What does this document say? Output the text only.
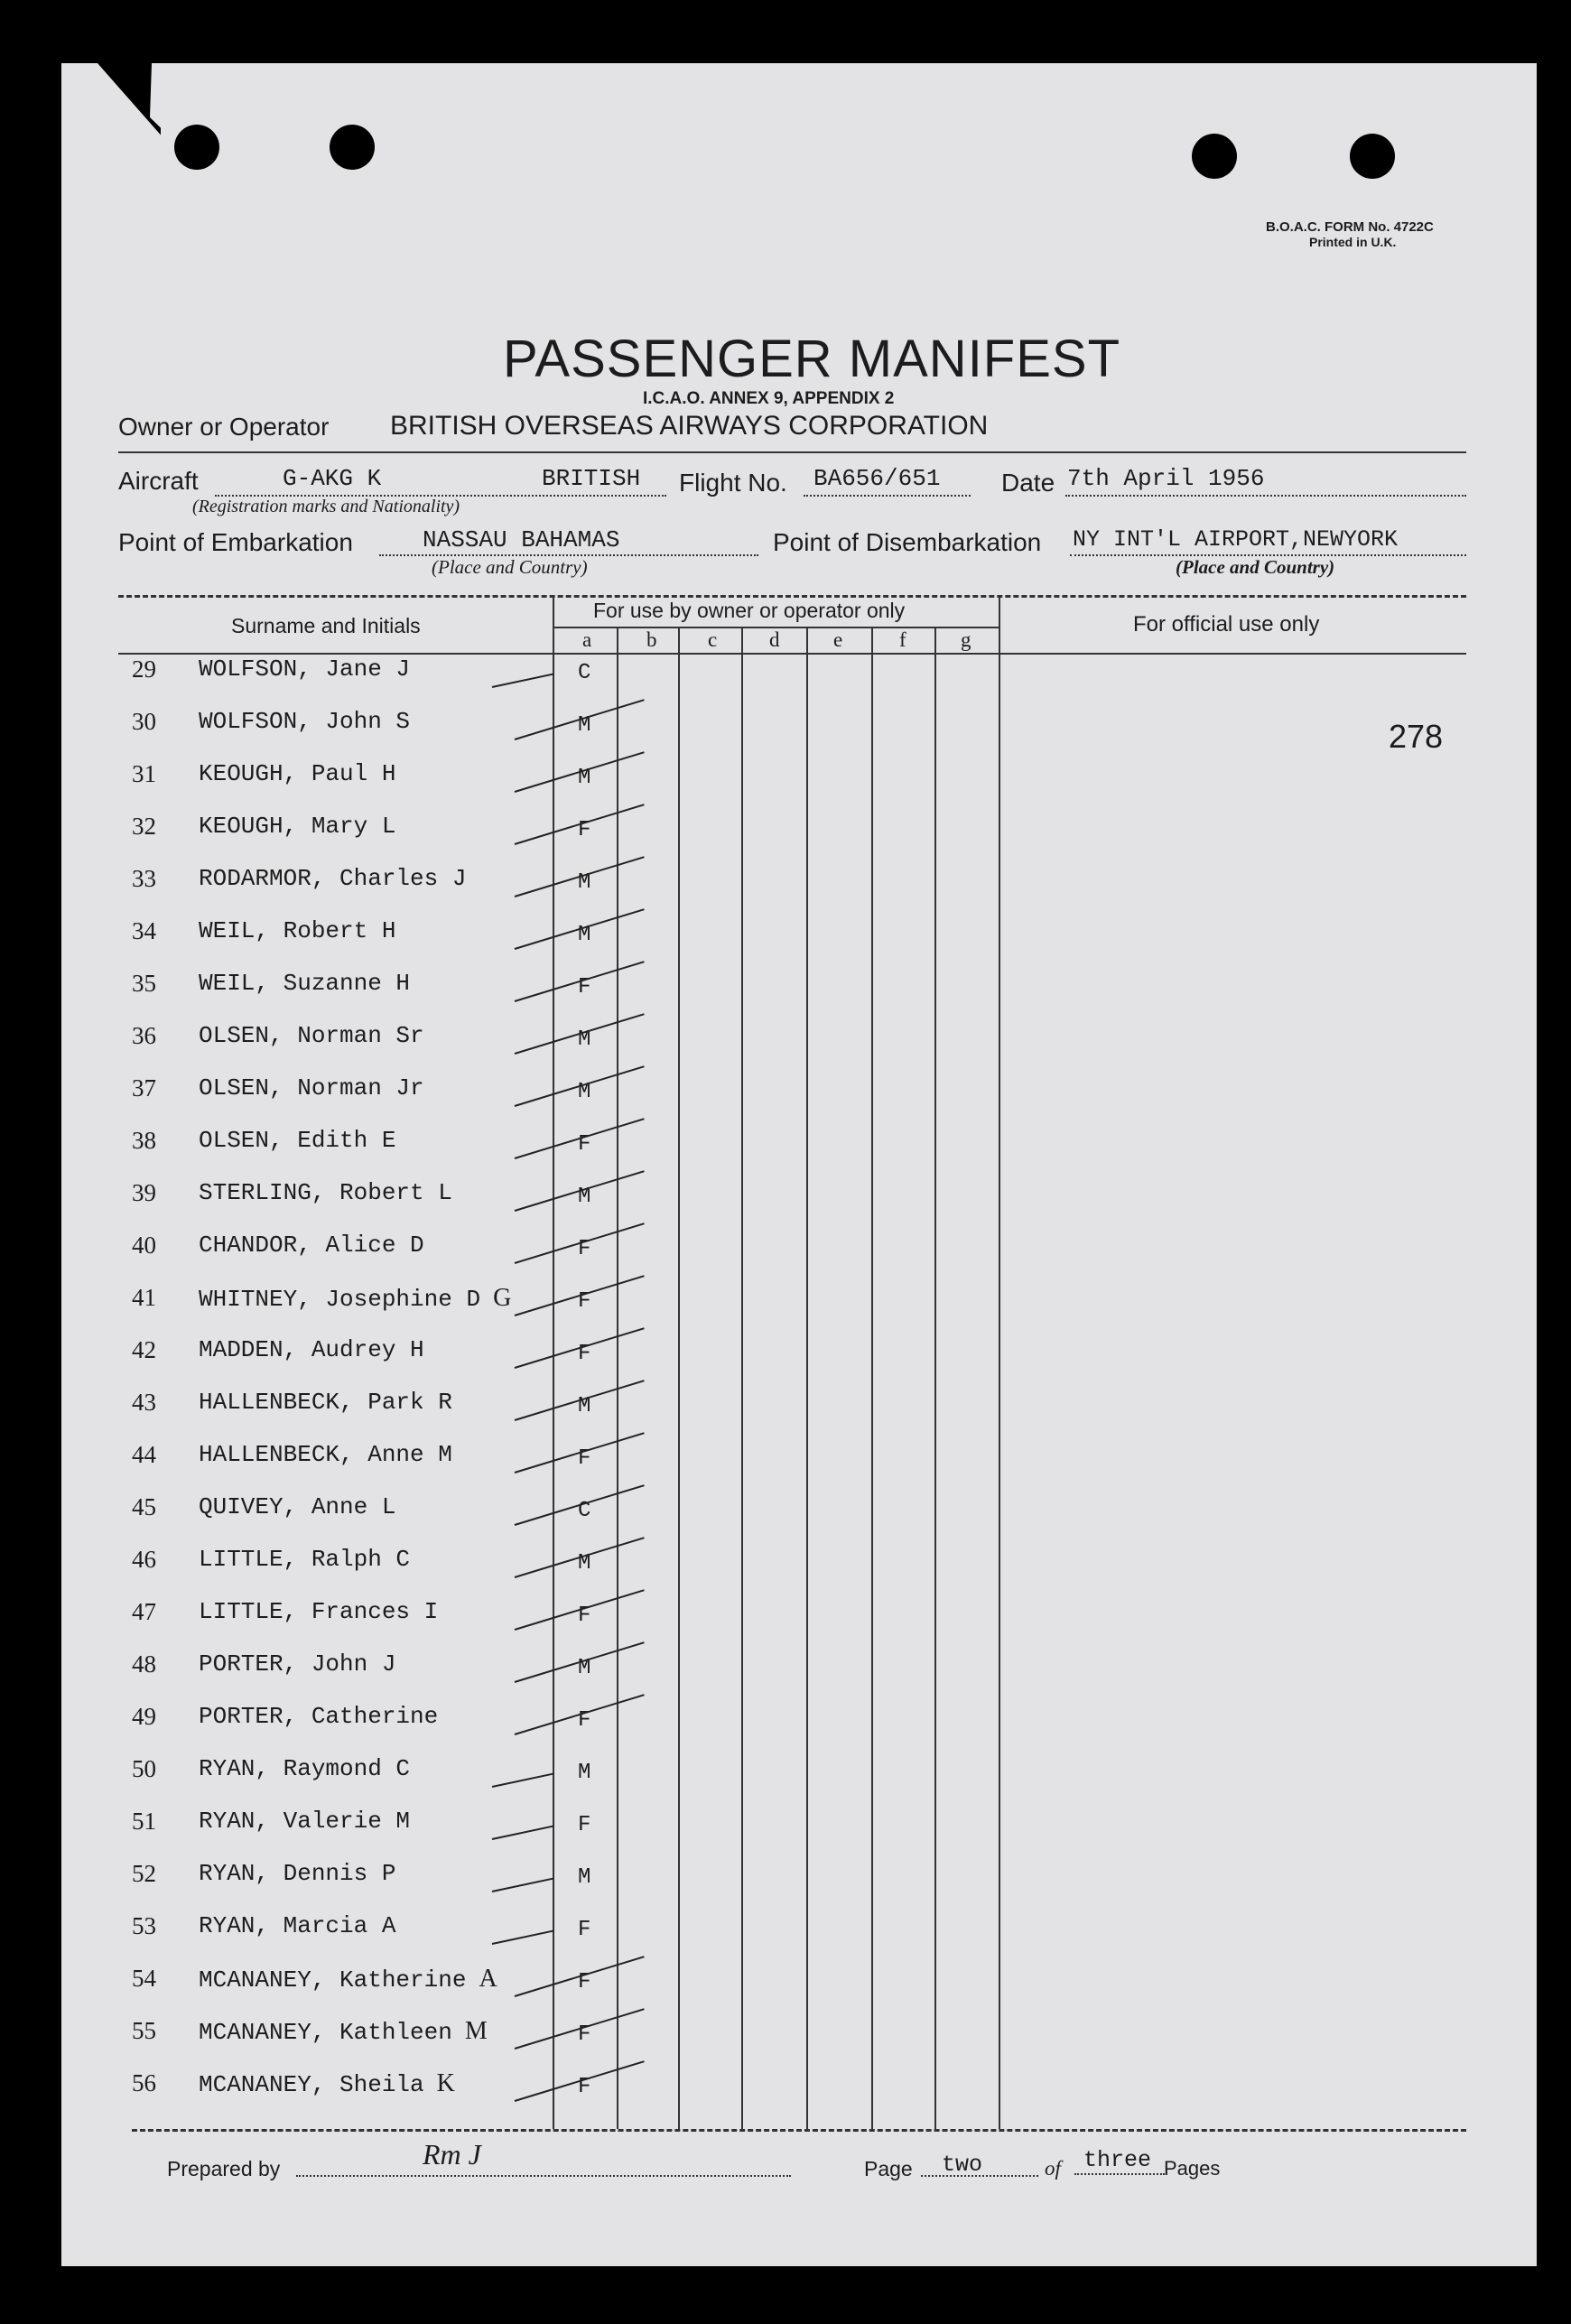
B.O.A.C. FORM No. 4722C
Printed in U.K.
PASSENGER MANIFEST
I.C.A.O. ANNEX 9, APPENDIX 2
Owner or Operator BRITISH OVERSEAS AIRWAYS CORPORATION
Aircraft	G-AKG K	BRITISH
(Registration marks and Nationality)
Flight No. BA656/651 Date 7th April 1956
Point of Embarkation	NASSAU BAHAMAS
(Place and Country)
Point of Disembarkation NY INT'L AIRPORT,NEWYORK
(Place and Country)
Surname and Initials
For use by owner or operator only
For official use only
a	b c	d	e	f	g
278
29 WOLFSON, Jane J	C
30 WOLFSON, John S	M
31 KEOUGH, Paul H	M
32 KEOUGH, Mary L	F
33 RODARMOR, Charles J	M
34 WEIL, Robert H	M
35 WEIL, Suzanne H	F
36 OLSEN, Norman Sr	M
37 OLSEN, Norman Jr	M
38 OLSEN, Edith E	F
39 STERLING, Robert L	M
40 CHANDOR, Alice D	F
41 WHITNEY, Josephine D G	F
42 MADDEN, Audrey H	F
43 HALLENBECK, Park R	M
44 HALLENBECK, Anne M	F
45 QUIVEY, Anne L	C
46 LITTLE, Ralph C	M
47 LITTLE, Frances I	F
48 PORTER, John J	M
49 PORTER, Catherine	F
50 RYAN, Raymond C	M
51 RYAN, Valerie M	F
52 RYAN, Dennis P	M
53 RYAN, Marcia A	F
54 MCANANEY, Katherine A	F
55 MCANANEY, Kathleen M	F
56 MCANANEY, Sheila K	F
Prepared by	Rm J	Page two	of three Pages
